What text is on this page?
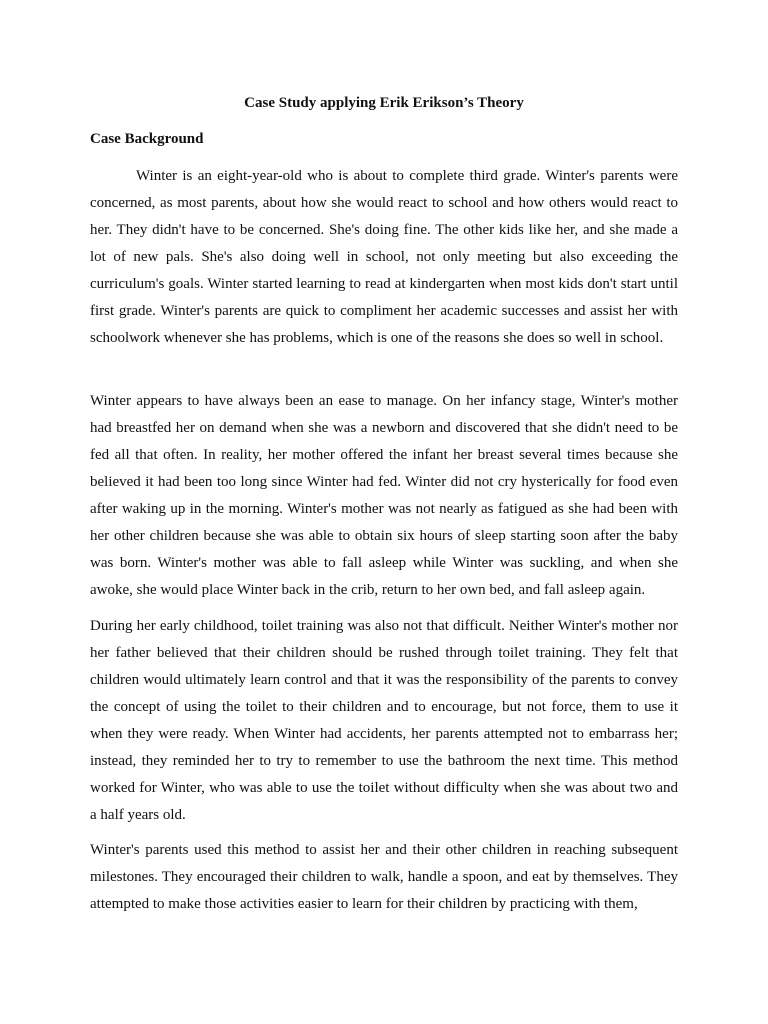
Case Study applying Erik Erikson’s Theory
Case Background

Winter is an eight-year-old who is about to complete third grade. Winter's parents were concerned, as most parents, about how she would react to school and how others would react to her. They didn't have to be concerned. She's doing fine. The other kids like her, and she made a lot of new pals. She's also doing well in school, not only meeting but also exceeding the curriculum's goals. Winter started learning to read at kindergarten when most kids don't start until first grade. Winter's parents are quick to compliment her academic successes and assist her with schoolwork whenever she has problems, which is one of the reasons she does so well in school.

Winter appears to have always been an ease to manage. On her infancy stage, Winter's mother had breastfed her on demand when she was a newborn and discovered that she didn't need to be fed all that often. In reality, her mother offered the infant her breast several times because she believed it had been too long since Winter had fed. Winter did not cry hysterically for food even after waking up in the morning. Winter's mother was not nearly as fatigued as she had been with her other children because she was able to obtain six hours of sleep starting soon after the baby was born. Winter's mother was able to fall asleep while Winter was suckling, and when she awoke, she would place Winter back in the crib, return to her own bed, and fall asleep again.

During her early childhood, toilet training was also not that difficult. Neither Winter's mother nor her father believed that their children should be rushed through toilet training. They felt that children would ultimately learn control and that it was the responsibility of the parents to convey the concept of using the toilet to their children and to encourage, but not force, them to use it when they were ready. When Winter had accidents, her parents attempted not to embarrass her; instead, they reminded her to try to remember to use the bathroom the next time. This method worked for Winter, who was able to use the toilet without difficulty when she was about two and a half years old.

Winter's parents used this method to assist her and their other children in reaching subsequent milestones. They encouraged their children to walk, handle a spoon, and eat by themselves. They attempted to make those activities easier to learn for their children by practicing with them,
